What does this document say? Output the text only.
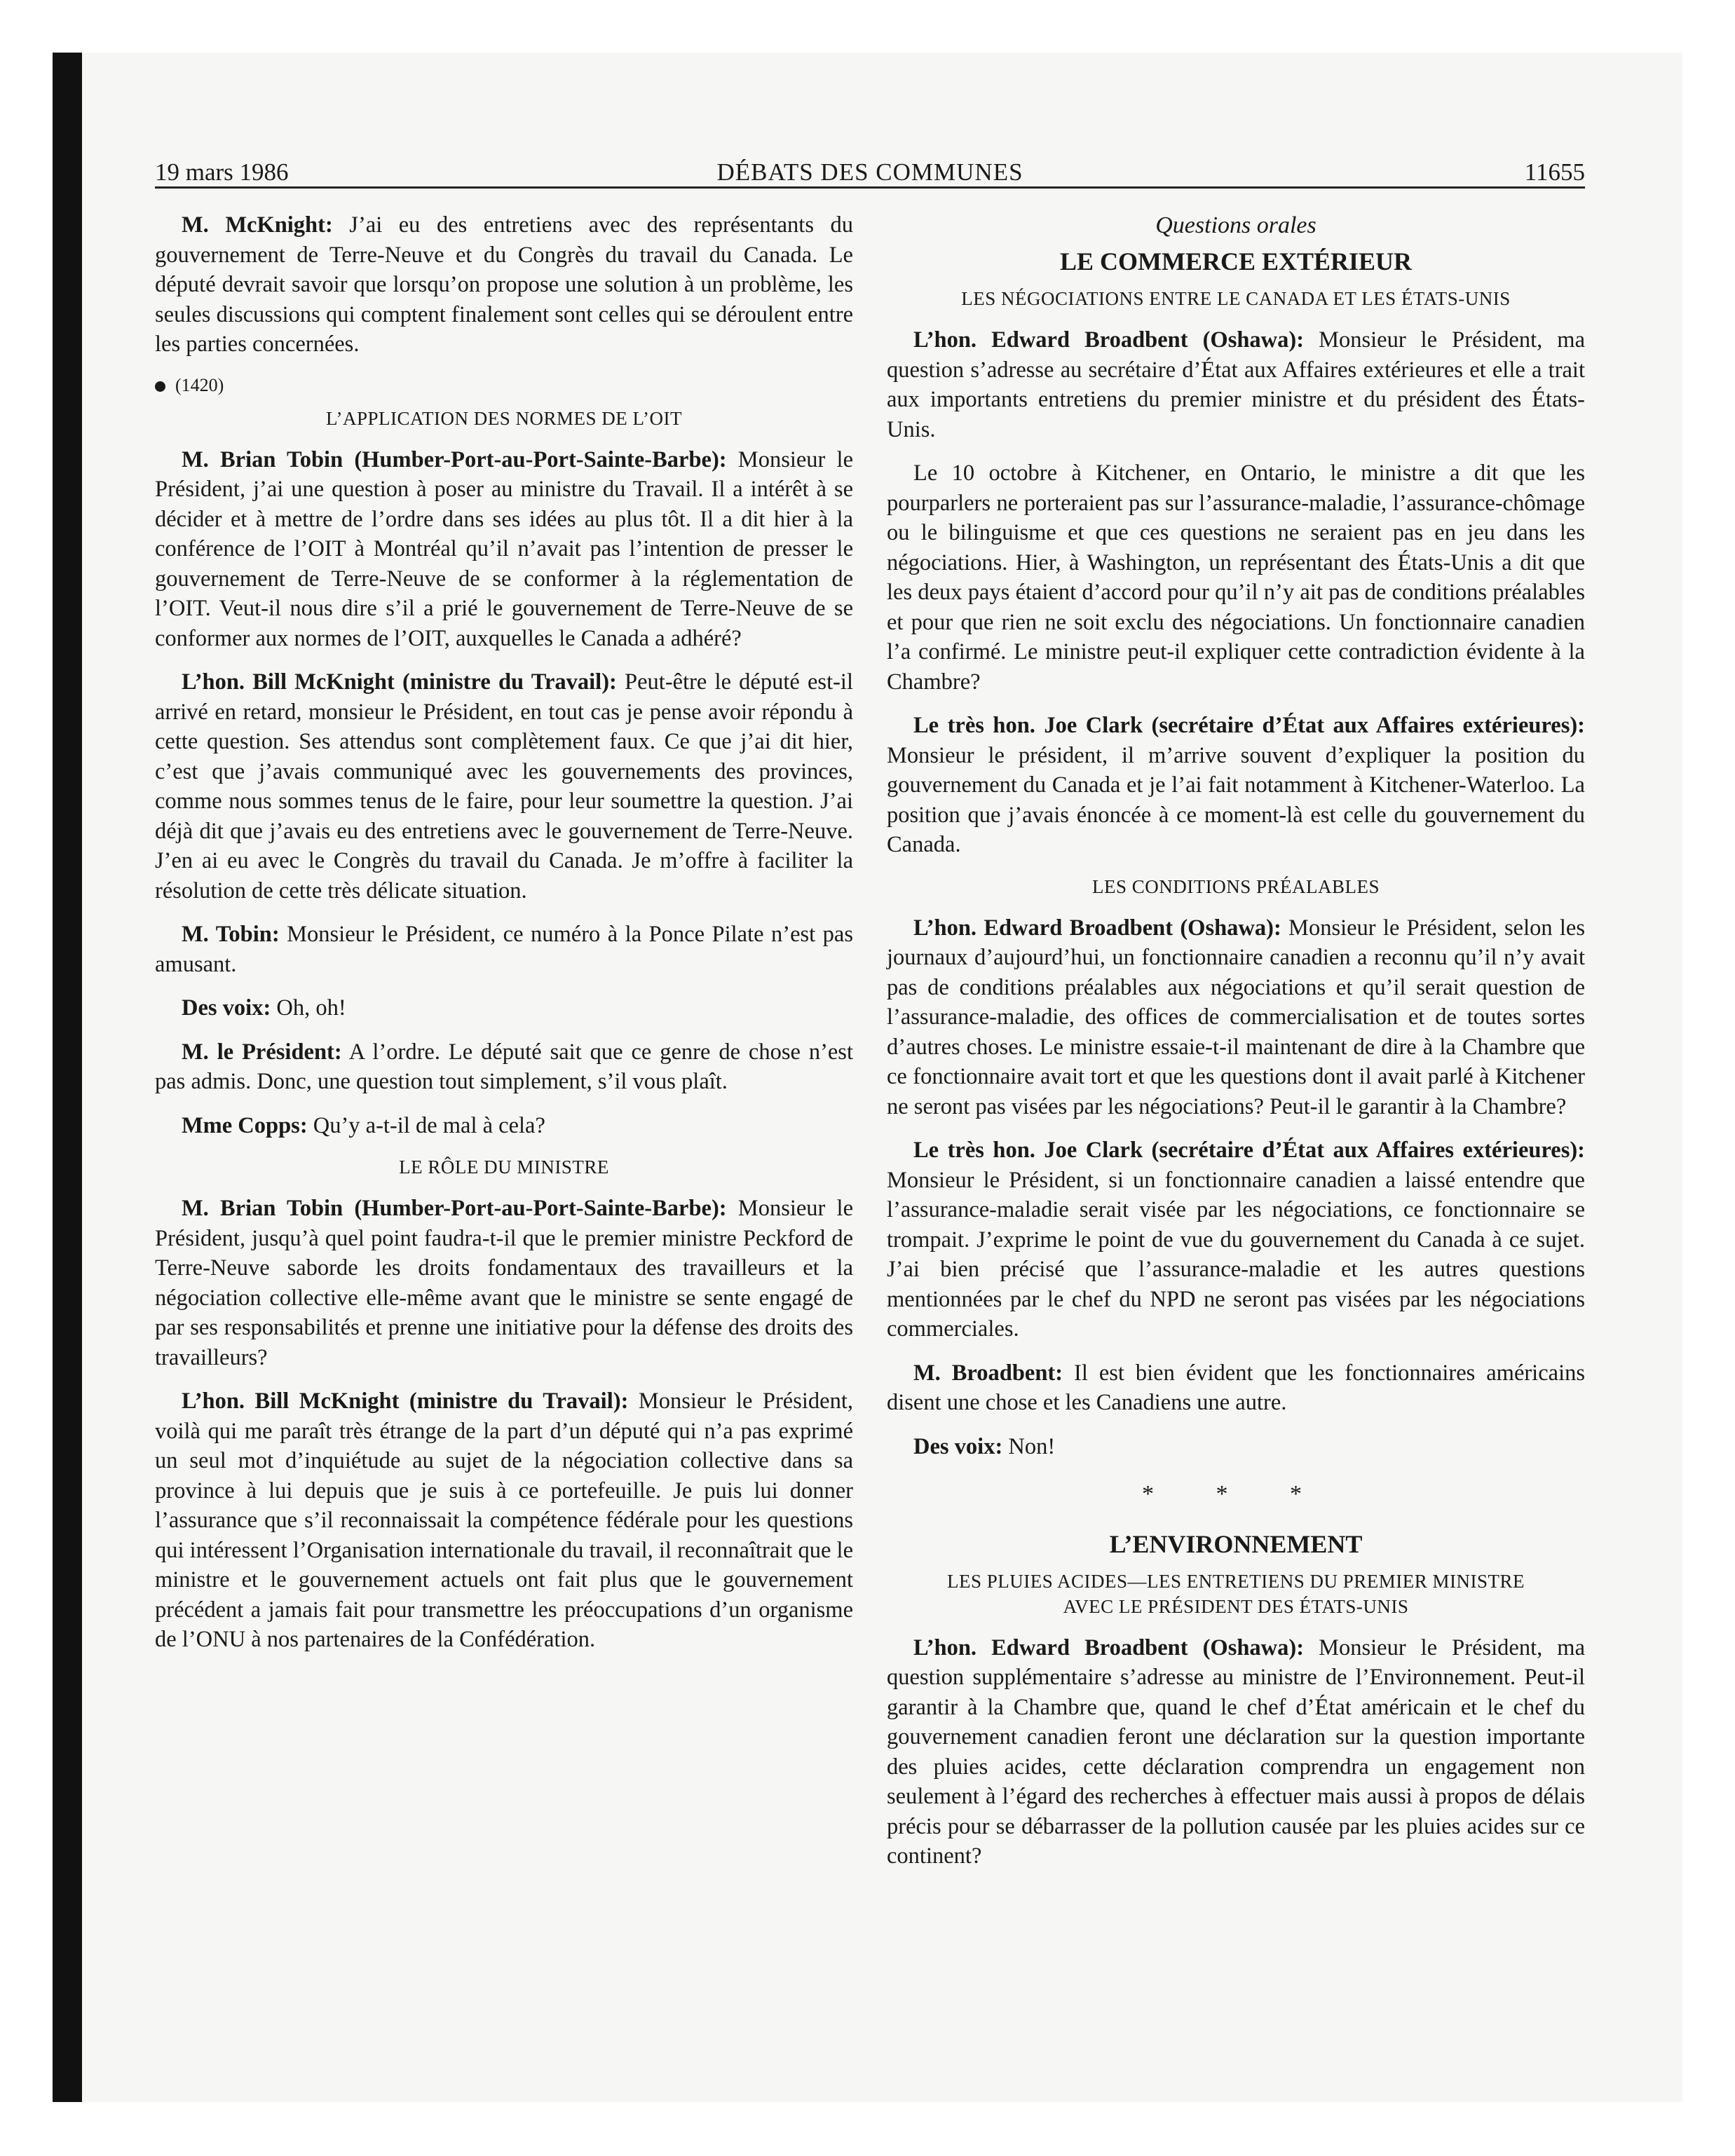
19 mars 1986	DÉBATS DES COMMUNES	11655

M. McKnight: J’ai eu des entretiens avec des représentants du gouvernement de Terre-Neuve et du Congrès du travail du Canada. Le député devrait savoir que lorsqu’on propose une solution à un problème, les seules discussions qui comptent finalement sont celles qui se déroulent entre les parties concernées.

(1420)
L’APPLICATION DES NORMES DE L’OIT

M. Brian Tobin (Humber-Port-au-Port-Sainte-Barbe): Monsieur le Président, j’ai une question à poser au ministre du Travail. Il a intérêt à se décider et à mettre de l’ordre dans ses idées au plus tôt. Il a dit hier à la conférence de l’OIT à Montréal qu’il n’avait pas l’intention de presser le gouvernement de Terre-Neuve de se conformer à la réglementation de l’OIT. Veut-il nous dire s’il a prié le gouvernement de Terre-Neuve de se conformer aux normes de l’OIT, auxquelles le Canada a adhéré?

L’hon. Bill McKnight (ministre du Travail): Peut-être le député est-il arrivé en retard, monsieur le Président, en tout cas je pense avoir répondu à cette question. Ses attendus sont complètement faux. Ce que j’ai dit hier, c’est que j’avais communiqué avec les gouvernements des provinces, comme nous sommes tenus de le faire, pour leur soumettre la question. J’ai déjà dit que j’avais eu des entretiens avec le gouvernement de Terre-Neuve. J’en ai eu avec le Congrès du travail du Canada. Je m’offre à faciliter la résolution de cette très délicate situation.

M. Tobin: Monsieur le Président, ce numéro à la Ponce Pilate n’est pas amusant.

Des voix: Oh, oh!

M. le Président: A l’ordre. Le député sait que ce genre de chose n’est pas admis. Donc, une question tout simplement, s’il vous plaît.

Mme Copps: Qu’y a-t-il de mal à cela?

LE RÔLE DU MINISTRE

M. Brian Tobin (Humber-Port-au-Port-Sainte-Barbe): Monsieur le Président, jusqu’à quel point faudra-t-il que le premier ministre Peckford de Terre-Neuve saborde les droits fondamentaux des travailleurs et la négociation collective elle-même avant que le ministre se sente engagé de par ses responsabilités et prenne une initiative pour la défense des droits des travailleurs?

L’hon. Bill McKnight (ministre du Travail): Monsieur le Président, voilà qui me paraît très étrange de la part d’un député qui n’a pas exprimé un seul mot d’inquiétude au sujet de la négociation collective dans sa province à lui depuis que je suis à ce portefeuille. Je puis lui donner l’assurance que s’il reconnaissait la compétence fédérale pour les questions qui intéressent l’Organisation internationale du travail, il reconnaîtrait que le ministre et le gouvernement actuels ont fait plus que le gouvernement précédent a jamais fait pour transmettre les préoccupations d’un organisme de l’ONU à nos partenaires de la Confédération.

Questions orales
LE COMMERCE EXTÉRIEUR
LES NÉGOCIATIONS ENTRE LE CANADA ET LES ÉTATS-UNIS

L’hon. Edward Broadbent (Oshawa): Monsieur le Président, ma question s’adresse au secrétaire d’État aux Affaires extérieures et elle a trait aux importants entretiens du premier ministre et du président des États-Unis.

Le 10 octobre à Kitchener, en Ontario, le ministre a dit que les pourparlers ne porteraient pas sur l’assurance-maladie, l’assurance-chômage ou le bilinguisme et que ces questions ne seraient pas en jeu dans les négociations. Hier, à Washington, un représentant des États-Unis a dit que les deux pays étaient d’accord pour qu’il n’y ait pas de conditions préalables et pour que rien ne soit exclu des négociations. Un fonctionnaire canadien l’a confirmé. Le ministre peut-il expliquer cette contradiction évidente à la Chambre?

Le très hon. Joe Clark (secrétaire d’État aux Affaires extérieures): Monsieur le président, il m’arrive souvent d’expliquer la position du gouvernement du Canada et je l’ai fait notamment à Kitchener-Waterloo. La position que j’avais énoncée à ce moment-là est celle du gouvernement du Canada.

LES CONDITIONS PRÉALABLES

L’hon. Edward Broadbent (Oshawa): Monsieur le Président, selon les journaux d’aujourd’hui, un fonctionnaire canadien a reconnu qu’il n’y avait pas de conditions préalables aux négociations et qu’il serait question de l’assurance-maladie, des offices de commercialisation et de toutes sortes d’autres choses. Le ministre essaie-t-il maintenant de dire à la Chambre que ce fonctionnaire avait tort et que les questions dont il avait parlé à Kitchener ne seront pas visées par les négociations? Peut-il le garantir à la Chambre?

Le très hon. Joe Clark (secrétaire d’État aux Affaires extérieures): Monsieur le Président, si un fonctionnaire canadien a laissé entendre que l’assurance-maladie serait visée par les négociations, ce fonctionnaire se trompait. J’exprime le point de vue du gouvernement du Canada à ce sujet. J’ai bien précisé que l’assurance-maladie et les autres questions mentionnées par le chef du NPD ne seront pas visées par les négociations commerciales.

M. Broadbent: Il est bien évident que les fonctionnaires américains disent une chose et les Canadiens une autre.

Des voix: Non!

* * *
L’ENVIRONNEMENT
LES PLUIES ACIDES—LES ENTRETIENS DU PREMIER MINISTRE
AVEC LE PRÉSIDENT DES ÉTATS-UNIS

L’hon. Edward Broadbent (Oshawa): Monsieur le Président, ma question supplémentaire s’adresse au ministre de l’Environnement. Peut-il garantir à la Chambre que, quand le chef d’État américain et le chef du gouvernement canadien feront une déclaration sur la question importante des pluies acides, cette déclaration comprendra un engagement non seulement à l’égard des recherches à effectuer mais aussi à propos de délais précis pour se débarrasser de la pollution causée par les pluies acides sur ce continent?
